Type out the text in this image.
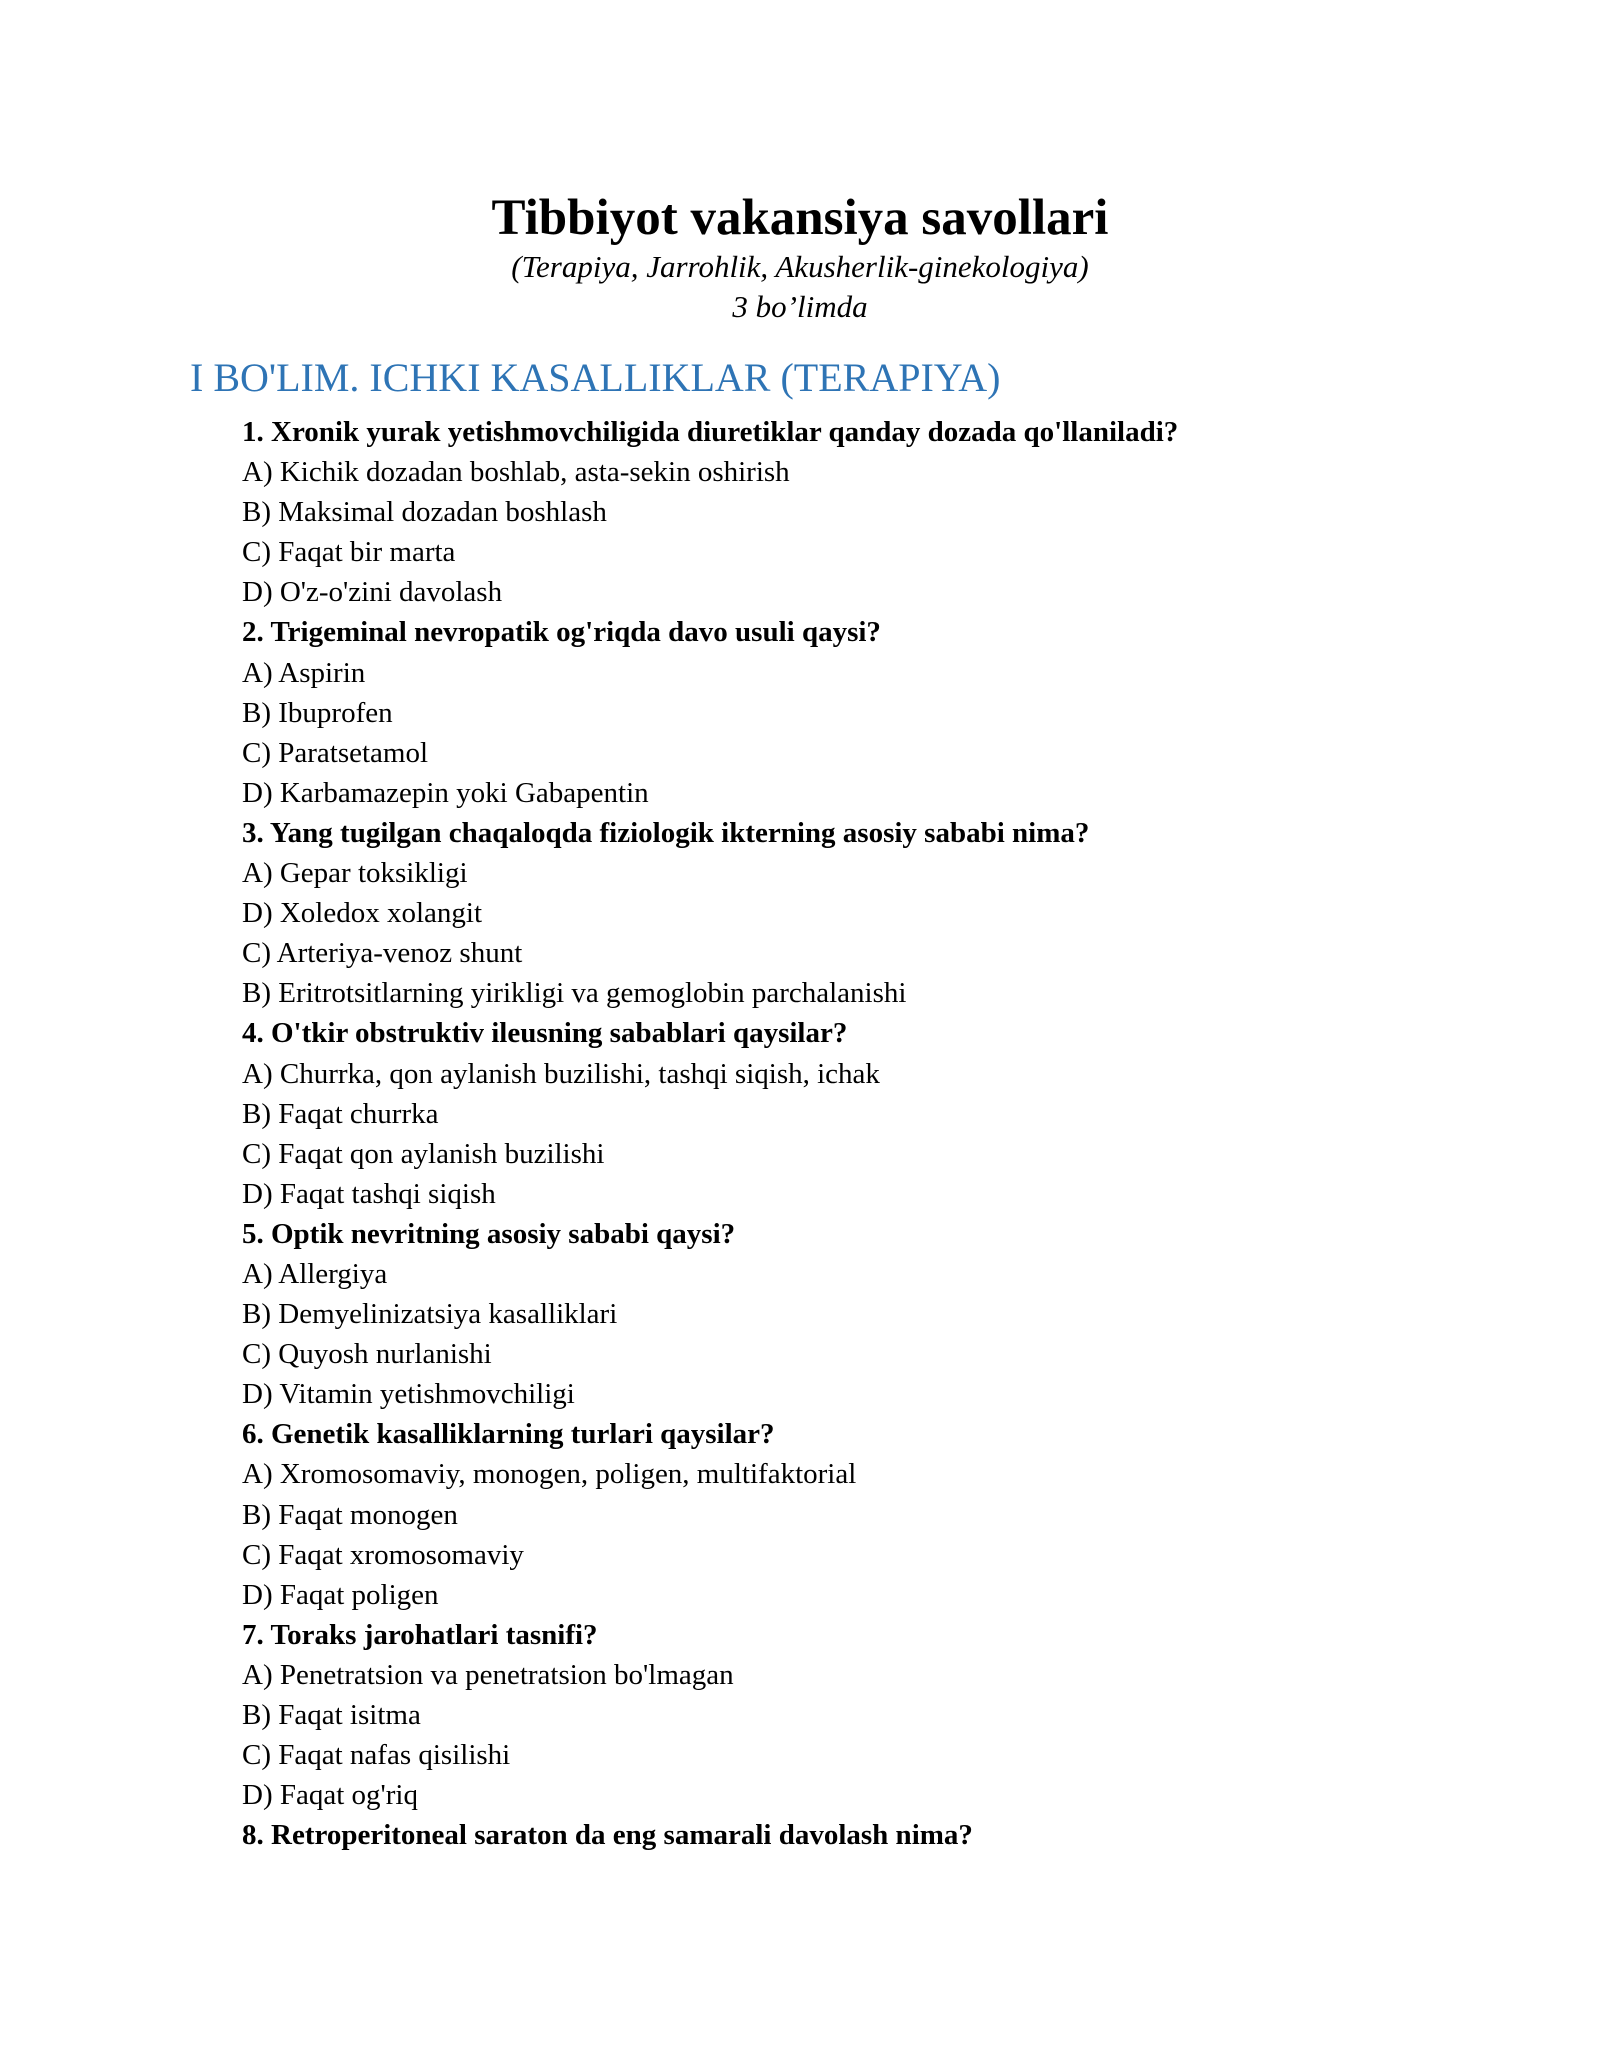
Tibbiyot vakansiya savollari

(Terapiya, Jarrohlik, Akusherlik-ginekologiya)

3 bo’limda

I BO'LIM. ICHKI KASALLIKLAR (TERAPIYA)
1. Xronik yurak yetishmovchiligida diuretiklar qanday dozada qo'llaniladi?
A) Kichik dozadan boshlab, asta-sekin oshirish
B) Maksimal dozadan boshlash
C) Faqat bir marta
D) O'z-o'zini davolash
2. Trigeminal nevropatik og'riqda davo usuli qaysi?
A) Aspirin
B) Ibuprofen
C) Paratsetamol
D) Karbamazepin yoki Gabapentin
3. Yang tugilgan chaqaloqda fiziologik ikterning asosiy sababi nima?
A) Gepar toksikligi
D) Xoledox xolangit
C) Arteriya-venoz shunt
B) Eritrotsitlarning yirikligi va gemoglobin parchalanishi
4. O'tkir obstruktiv ileusning sabablari qaysilar?
A) Churrka, qon aylanish buzilishi, tashqi siqish, ichak
B) Faqat churrka
C) Faqat qon aylanish buzilishi
D) Faqat tashqi siqish
5. Optik nevritning asosiy sababi qaysi?
A) Allergiya
B) Demyelinizatsiya kasalliklari
C) Quyosh nurlanishi
D) Vitamin yetishmovchiligi
6. Genetik kasalliklarning turlari qaysilar?
A) Xromosomaviy, monogen, poligen, multifaktorial
B) Faqat monogen
C) Faqat xromosomaviy
D) Faqat poligen
7. Toraks jarohatlari tasnifi?
A) Penetratsion va penetratsion bo'lmagan
B) Faqat isitma
C) Faqat nafas qisilishi
D) Faqat og'riq
8. Retroperitoneal saraton da eng samarali davolash nima?
